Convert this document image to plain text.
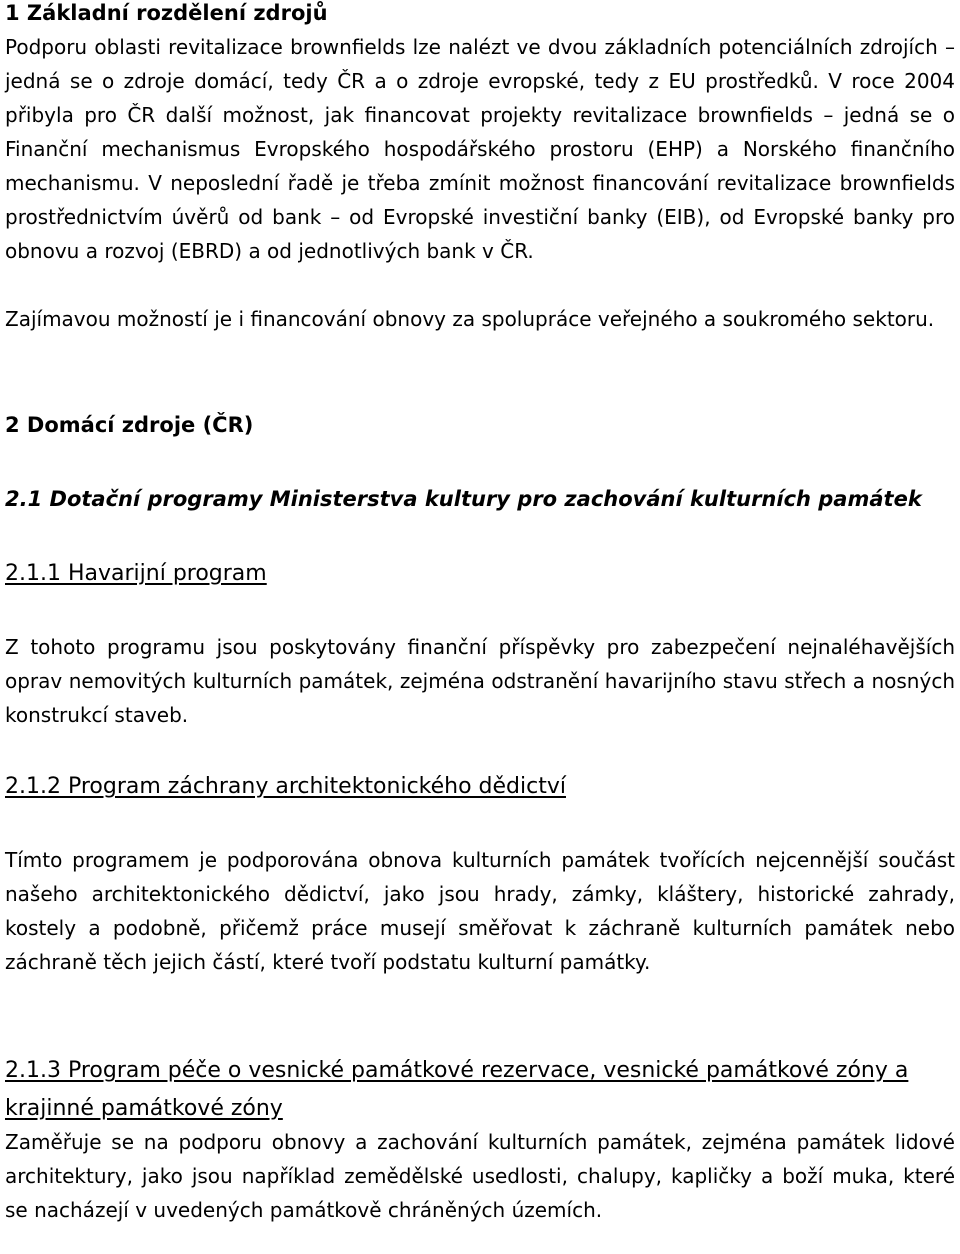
1 Základní rozdělení zdrojů

Podporu oblasti revitalizace brownfields lze nalézt ve dvou základních potenciálních zdrojích – jedná se o zdroje domácí, tedy ČR a o zdroje evropské, tedy z EU prostředků. V roce 2004 přibyla pro ČR další možnost, jak financovat projekty revitalizace brownfields – jedná se o Finanční mechanismus Evropského hospodářského prostoru (EHP) a Norského finančního mechanismu. V neposlední řadě je třeba zmínit možnost financování revitalizace brownfields prostřednictvím úvěrů od bank – od Evropské investiční banky (EIB), od Evropské banky pro obnovu a rozvoj (EBRD) a od jednotlivých bank v ČR.

Zajímavou možností je i financování obnovy za spolupráce veřejného a soukromého sektoru.

2 Domácí zdroje (ČR)
2.1 Dotační programy Ministerstva kultury pro zachování kulturních památek
2.1.1 Havarijní program

Z tohoto programu jsou poskytovány finanční příspěvky pro zabezpečení nejnaléhavějších oprav nemovitých kulturních památek, zejména odstranění havarijního stavu střech a nosných konstrukcí staveb.

2.1.2 Program záchrany architektonického dědictví

Tímto programem je podporována obnova kulturních památek tvořících nejcennější součást našeho architektonického dědictví, jako jsou hrady, zámky, kláštery, historické zahrady, kostely a podobně, přičemž práce musejí směřovat k záchraně kulturních památek nebo záchraně těch jejich částí, které tvoří podstatu kulturní památky.

2.1.3 Program péče o vesnické památkové rezervace, vesnické památkové zóny a krajinné památkové zóny

Zaměřuje se na podporu obnovy a zachování kulturních památek, zejména památek lidové architektury, jako jsou například zemědělské usedlosti, chalupy, kapličky a boží muka, které se nacházejí v uvedených památkově chráněných územích.
